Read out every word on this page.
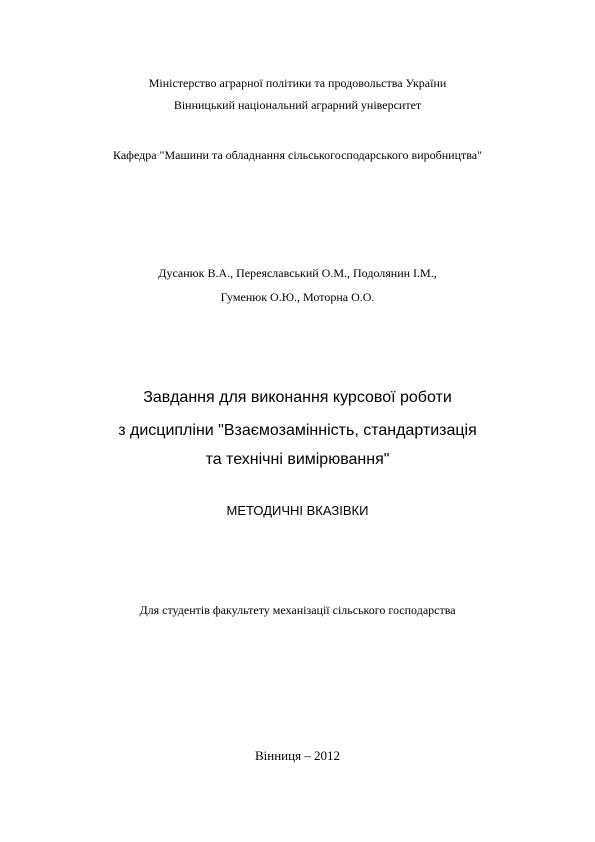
Міністерство аграрної політики та продовольства України
Вінницький національний аграрний університет
Кафедра "Машини та обладнання сільськогосподарського виробництва"
Дусанюк В.А., Переяславський О.М., Подолянин І.М.,
Гуменюк О.Ю., Моторна О.О.
Завдання для виконання курсової роботи
з дисципліни "Взаємозамінність, стандартизація
та технічні вимірювання"
МЕТОДИЧНІ ВКАЗІВКИ
Для студентів факультету механізації сільського господарства
Вінниця – 2012
